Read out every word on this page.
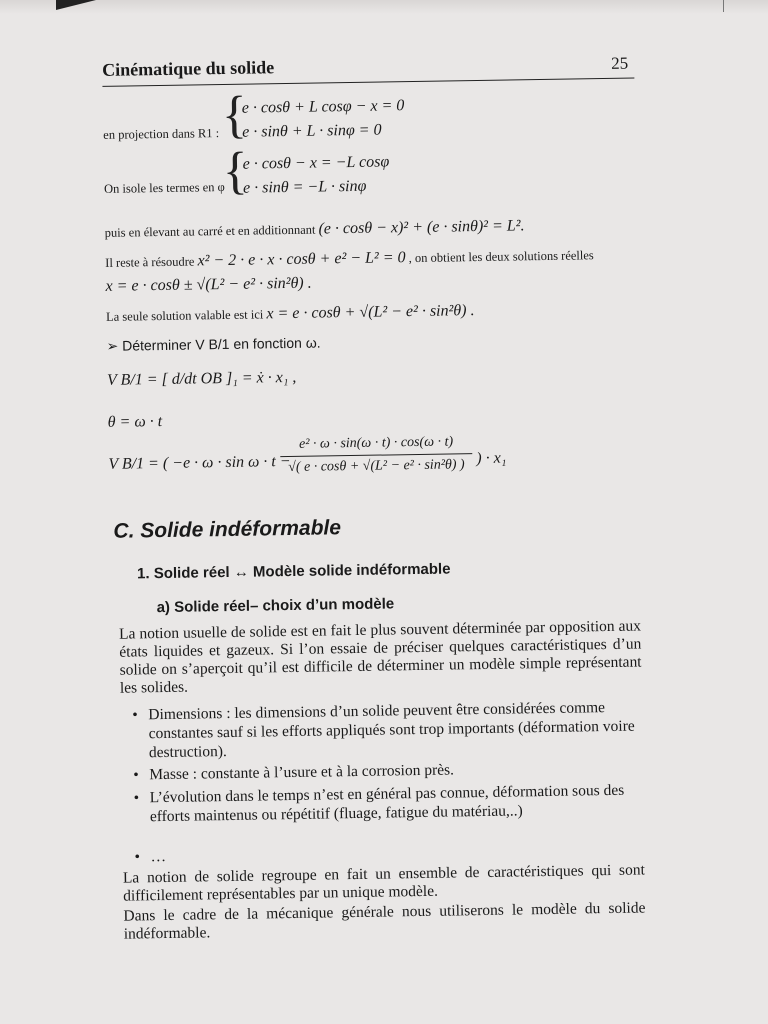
Cinématique du solide	25
en projection dans R1 : {
e · cosθ + L cosφ − x = 0
e · sinθ + L · sinφ = 0
On isole les termes en φ
{
e · cosθ − x = −L cosφ
e · sinθ = −L · sinφ
puis en élevant au carré et en additionnant (e · cosθ − x)² + (e · sinθ)² = L².
Il reste à résoudre x² − 2 · e · x · cosθ + e² − L² = 0 , on obtient les deux solutions réelles
x = e · cosθ ± √(L² − e² · sin²θ) .
La seule solution valable est ici x = e · cosθ + √(L² − e² · sin²θ) .
➢ Déterminer V B/1 en fonction ω.
V B/1 = [ d/dt OB ]₁ = ẋ · x₁ ,
θ = ω · t
V B/1 = ( −e · ω · sin ω · t −
$\frac{\text{e² · ω · sin(ω · t) · cos(ω · t)}}{\text{√( e · cosθ + √(L² − e² · sin²θ) )}}$ ) · x₁
C. Solide indéformable
1. Solide réel ↔ Modèle solide indéformable
a) Solide réel– choix d’un modèle
La notion usuelle de solide est en fait le plus souvent déterminée par opposition aux états liquides et gazeux. Si l’on essaie de préciser quelques caractéristiques d’un solide on s’aperçoit qu’il est difficile de déterminer un modèle simple représentant les solides.
• Dimensions : les dimensions d’un solide peuvent être considérées comme constantes sauf si les efforts appliqués sont trop importants (déformation voire destruction).
• Masse : constante à l’usure et à la corrosion près.
• L’évolution dans le temps n’est en général pas connue, déformation sous des efforts maintenus ou répétitif (fluage, fatigue du matériau,..)
• …
La notion de solide regroupe en fait un ensemble de caractéristiques qui sont difficilement représentables par un unique modèle.
Dans le cadre de la mécanique générale nous utiliserons le modèle du solide indéformable.
